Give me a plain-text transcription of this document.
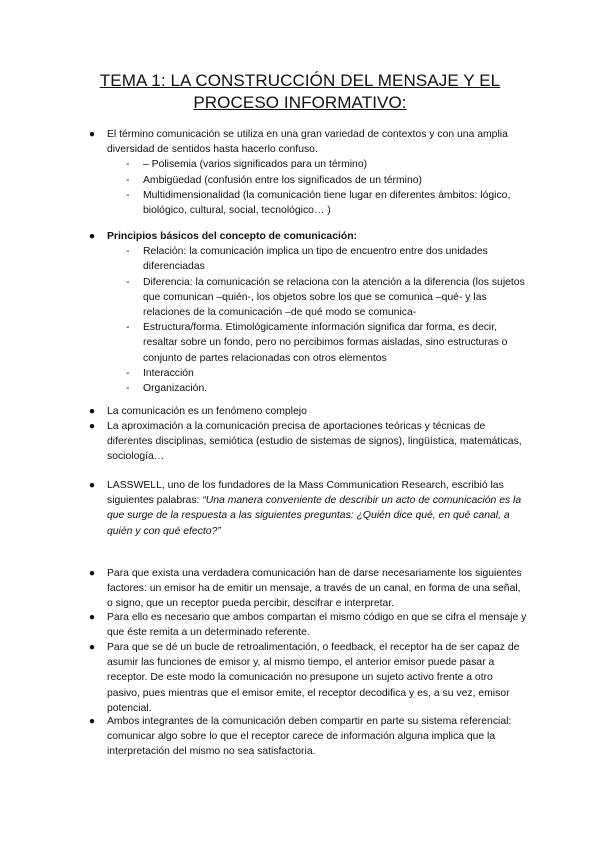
TEMA 1: LA CONSTRUCCIÓN DEL MENSAJE Y EL
PROCESO INFORMATIVO:
● El término comunicación se utiliza en una gran variedad de contextos y con una amplia diversidad de sentidos hasta hacerlo confuso.
- – Polisemia (varios significados para un término)
- Ambigüedad (confusión entre los significados de un término)
- Multidimensionalidad (la comunicación tiene lugar en diferentes ámbitos: lógico, biológico, cultural, social, tecnológico… )
● Principios básicos del concepto de comunicación:
- Relación: la comunicación implica un tipo de encuentro entre dos unidades diferenciadas
- Diferencia: la comunicación se relaciona con la atención a la diferencia (los sujetos que comunican –quién-, los objetos sobre los que se comunica –qué- y las relaciones de la comunicación –de qué modo se comunica-
- Estructura/forma. Etimológicamente información significa dar forma, es decir, resaltar sobre un fondo, pero no percibimos formas aisladas, sino estructuras o conjunto de partes relacionadas con otros elementos
- Interacción
- Organización.
● La comunicación es un fenómeno complejo
● La aproximación a la comunicación precisa de aportaciones teóricas y técnicas de diferentes disciplinas, semiótica (estudio de sistemas de signos), lingüística, matemáticas, sociología…
● LASSWELL, uno de los fundadores de la Mass Communication Research, escribió las siguientes palabras: “Una manera conveniente de describir un acto de comunicación es la que surge de la respuesta a las siguientes preguntas: ¿Quién dice qué, en qué canal, a quién y con qué efecto?”
● Para que exista una verdadera comunicación han de darse necesariamente los siguientes factores: un emisor ha de emitir un mensaje, a través de un canal, en forma de una señal, o signo, que un receptor pueda percibir, descifrar e interpretar.
● Para ello es necesario que ambos compartan el mismo código en que se cifra el mensaje y que éste remita a un determinado referente.
● Para que se dé un bucle de retroalimentación, o feedback, el receptor ha de ser capaz de asumir las funciones de emisor y, al mismo tiempo, el anterior emisor puede pasar a receptor. De este modo la comunicación no presupone un sujeto activo frente a otro pasivo, pues mientras que el emisor emite, el receptor decodifica y es, a su vez, emisor potencial.
● Ambos integrantes de la comunicación deben compartir en parte su sistema referencial: comunicar algo sobre lo que el receptor carece de información alguna implica que la interpretación del mismo no sea satisfactoria.
